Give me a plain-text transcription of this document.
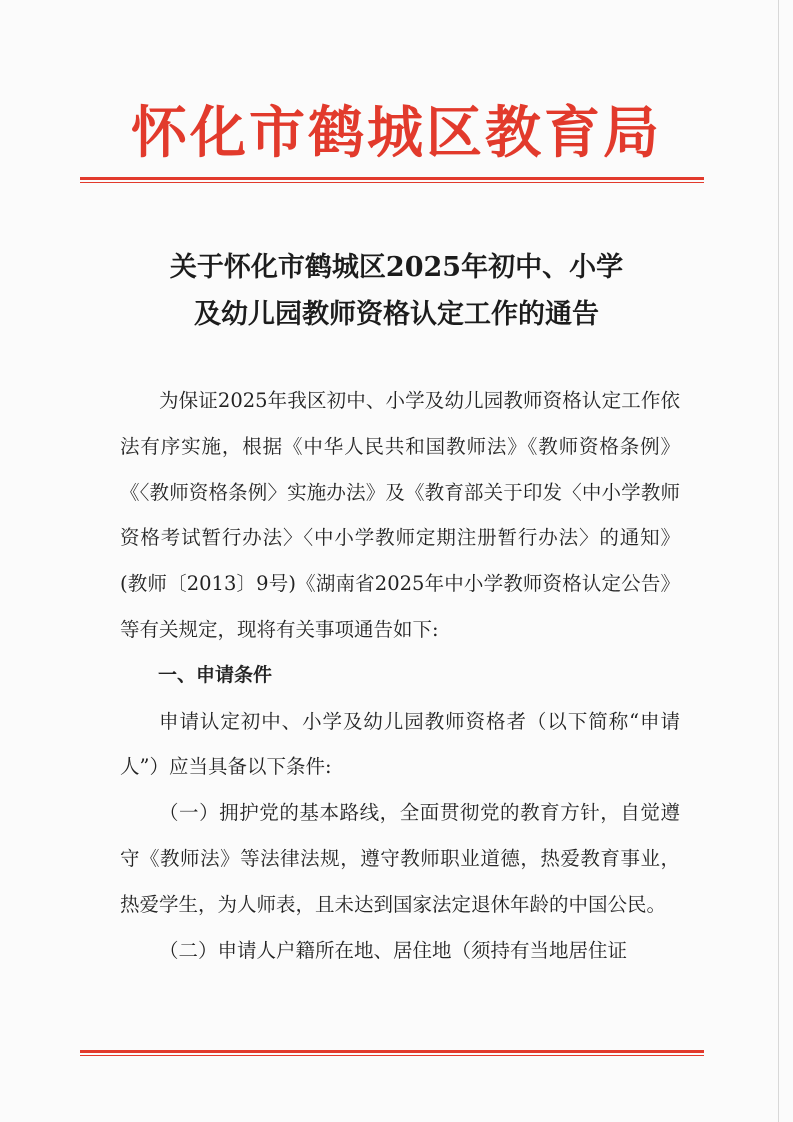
怀化市鹤城区教育局
关于怀化市鹤城区2025年初中、小学
及幼儿园教师资格认定工作的通告

为保证2025年我区初中、小学及幼儿园教师资格认定工作依法有序实施，根据《中华人民共和国教师法》《教师资格条例》《〈教师资格条例〉实施办法》及《教育部关于印发〈中小学教师资格考试暂行办法〉〈中小学教师定期注册暂行办法〉的通知》(教师〔2013〕9号)《湖南省2025年中小学教师资格认定公告》等有关规定，现将有关事项通告如下:

一、申请条件

申请认定初中、小学及幼儿园教师资格者（以下简称“申请人”）应当具备以下条件:

（一）拥护党的基本路线，全面贯彻党的教育方针，自觉遵守《教师法》等法律法规，遵守教师职业道德，热爱教育事业，热爱学生，为人师表，且未达到国家法定退休年龄的中国公民。

（二）申请人户籍所在地、居住地（须持有当地居住证
